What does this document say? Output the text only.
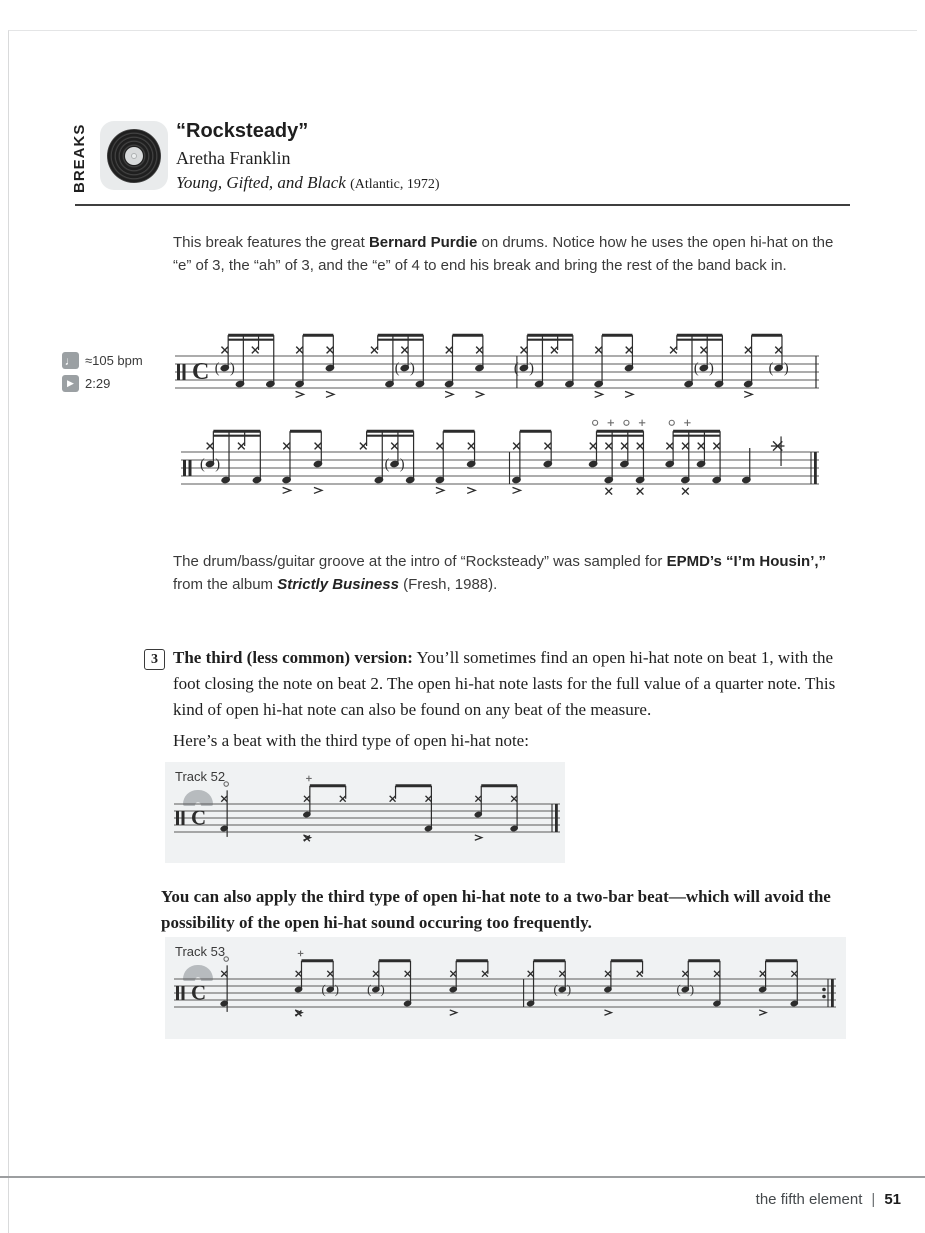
BREAKS	“Rocksteady”
Aretha Franklin
Young, Gifted, and Black (Atlantic, 1972)

This break features the great Bernard Purdie on drums. Notice how he uses the open hi-hat on the “e” of 3, the “ah” of 3, and the “e” of 4 to end his break and bring the rest of the band back in.

♩ ≈105 bpm
▶ 2:29	C ( )	( )	( )	( )	( )
( )	( )

The drum/bass/guitar groove at the intro of “Rocksteady” was sampled for EPMD’s “I’m Housin’,” from the album Strictly Business (Fresh, 1988).

3 The third (less common) version: You’ll sometimes find an open hi-hat note on beat 1, with the foot closing the note on beat 2. The open hi-hat note lasts for the full value of a quarter note. This kind of open hi-hat note can also be found on any beat of the measure.

Here’s a beat with the third type of open hi-hat note:

Track 52
C

You can also apply the third type of open hi-hat note to a two-bar beat—which will avoid the possibility of the open hi-hat sound occuring too frequently.

Track 53
C	( ) ( )	( )	( )
the fifth element | 51
